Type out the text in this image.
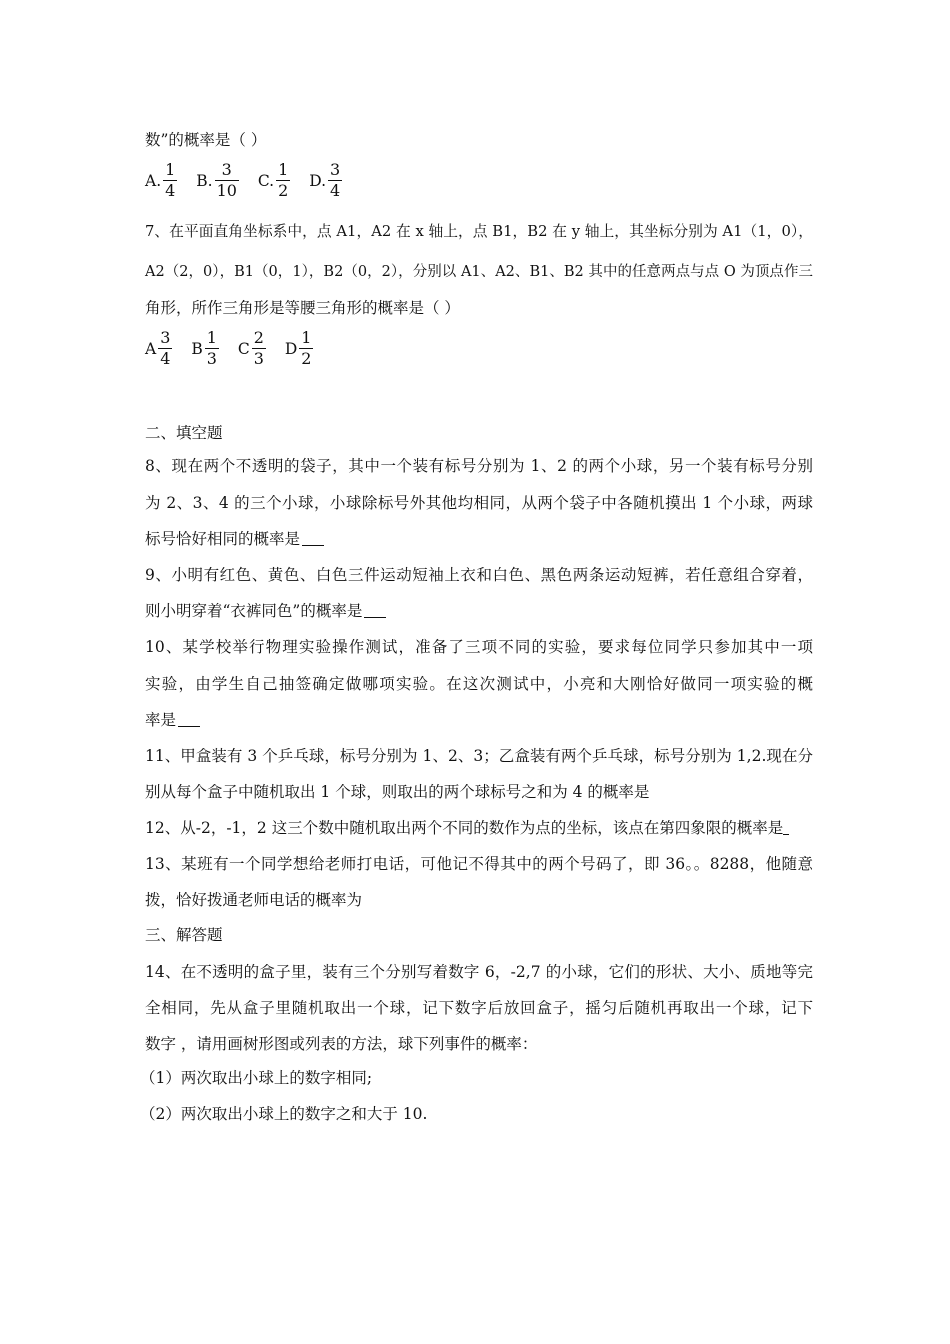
数”的概率是（ ）
A. $\frac{1}{4}$
B. $\frac{3}{10}$
C. $\frac{1}{2}$
D. $\frac{3}{4}$
7、在平面直角坐标系中，点 A1，A2 在 x 轴上，点 B1，B2 在 y 轴上，其坐标分别为 A1（1，0），
A2（2，0），B1（0，1），B2（0，2），分别以 A1、A2、B1、B2 其中的任意两点与点 O 为顶点作三
角形，所作三角形是等腰三角形的概率是（ ）
A $\frac{3}{4}$
B $\frac{1}{3}$
C $\frac{2}{3}$
D $\frac{1}{2}$
二、填空题
8、现在两个不透明的袋子，其中一个装有标号分别为 1、2 的两个小球，另一个装有标号分别
为 2、3、4 的三个小球，小球除标号外其他均相同，从两个袋子中各随机摸出 1 个小球，两球
标号恰好相同的概率是
9、小明有红色、黄色、白色三件运动短袖上衣和白色、黑色两条运动短裤，若任意组合穿着，
则小明穿着“衣裤同色”的概率是
10、某学校举行物理实验操作测试，准备了三项不同的实验，要求每位同学只参加其中一项
实验，由学生自己抽签确定做哪项实验。在这次测试中，小亮和大刚恰好做同一项实验的概
率是
11、甲盒装有 3 个乒乓球，标号分别为 1、2、3；乙盒装有两个乒乓球，标号分别为 1,2.现在分
别从每个盒子中随机取出 1 个球，则取出的两个球标号之和为 4 的概率是
12、从-2，-1，2 这三个数中随机取出两个不同的数作为点的坐标，该点在第四象限的概率是
13、某班有一个同学想给老师打电话，可他记不得其中的两个号码了，即 36。。8288，他随意
拨，恰好拨通老师电话的概率为
三、解答题
14、在不透明的盒子里，装有三个分别写着数字 6，-2,7 的小球，它们的形状、大小、质地等完
全相同，先从盒子里随机取出一个球，记下数字后放回盒子，摇匀后随机再取出一个球，记下
数字 ，请用画树形图或列表的方法，球下列事件的概率：
（1）两次取出小球上的数字相同;
（2）两次取出小球上的数字之和大于 10.
